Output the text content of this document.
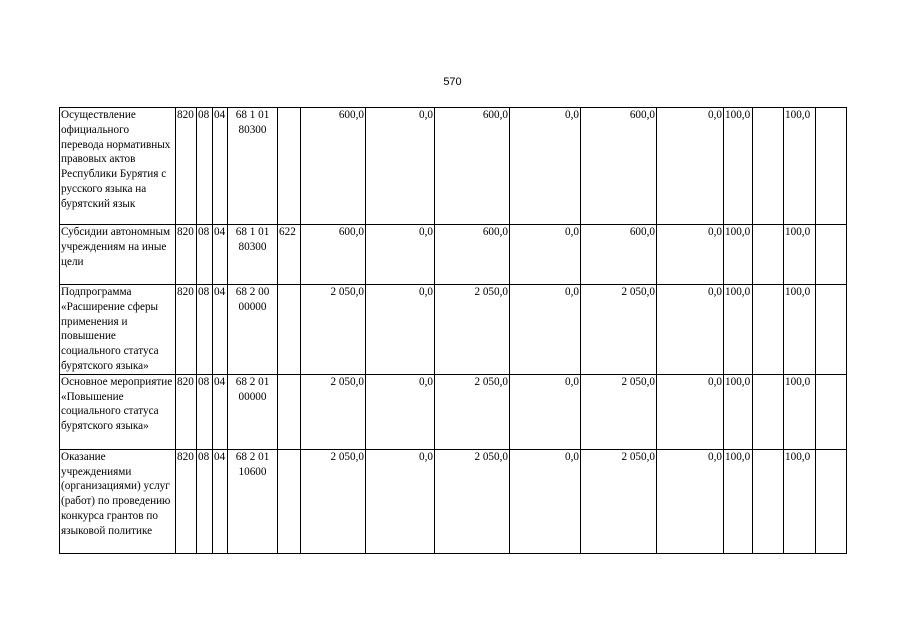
570
Осуществление официального перевода нормативных правовых актов Республики Бурятия с русского языка на бурятский язык	820	08	04	68 1 01 80300		600,0	0,0	600,0	0,0	600,0	0,0	100,0		100,0	
Субсидии автономным учреждениям на иные цели	820	08	04	68 1 01 80300	622	600,0	0,0	600,0	0,0	600,0	0,0	100,0		100,0	
Подпрограмма «Расширение сферы применения и повышение социального статуса бурятского языка»	820	08	04	68 2 00 00000		2 050,0	0,0	2 050,0	0,0	2 050,0	0,0	100,0		100,0	
Основное мероприятие «Повышение социального статуса бурятского языка»	820	08	04	68 2 01 00000		2 050,0	0,0	2 050,0	0,0	2 050,0	0,0	100,0		100,0	
Оказание учреждениями (организациями) услуг (работ) по проведению конкурса грантов по языковой политике	820	08	04	68 2 01 10600		2 050,0	0,0	2 050,0	0,0	2 050,0	0,0	100,0		100,0	
